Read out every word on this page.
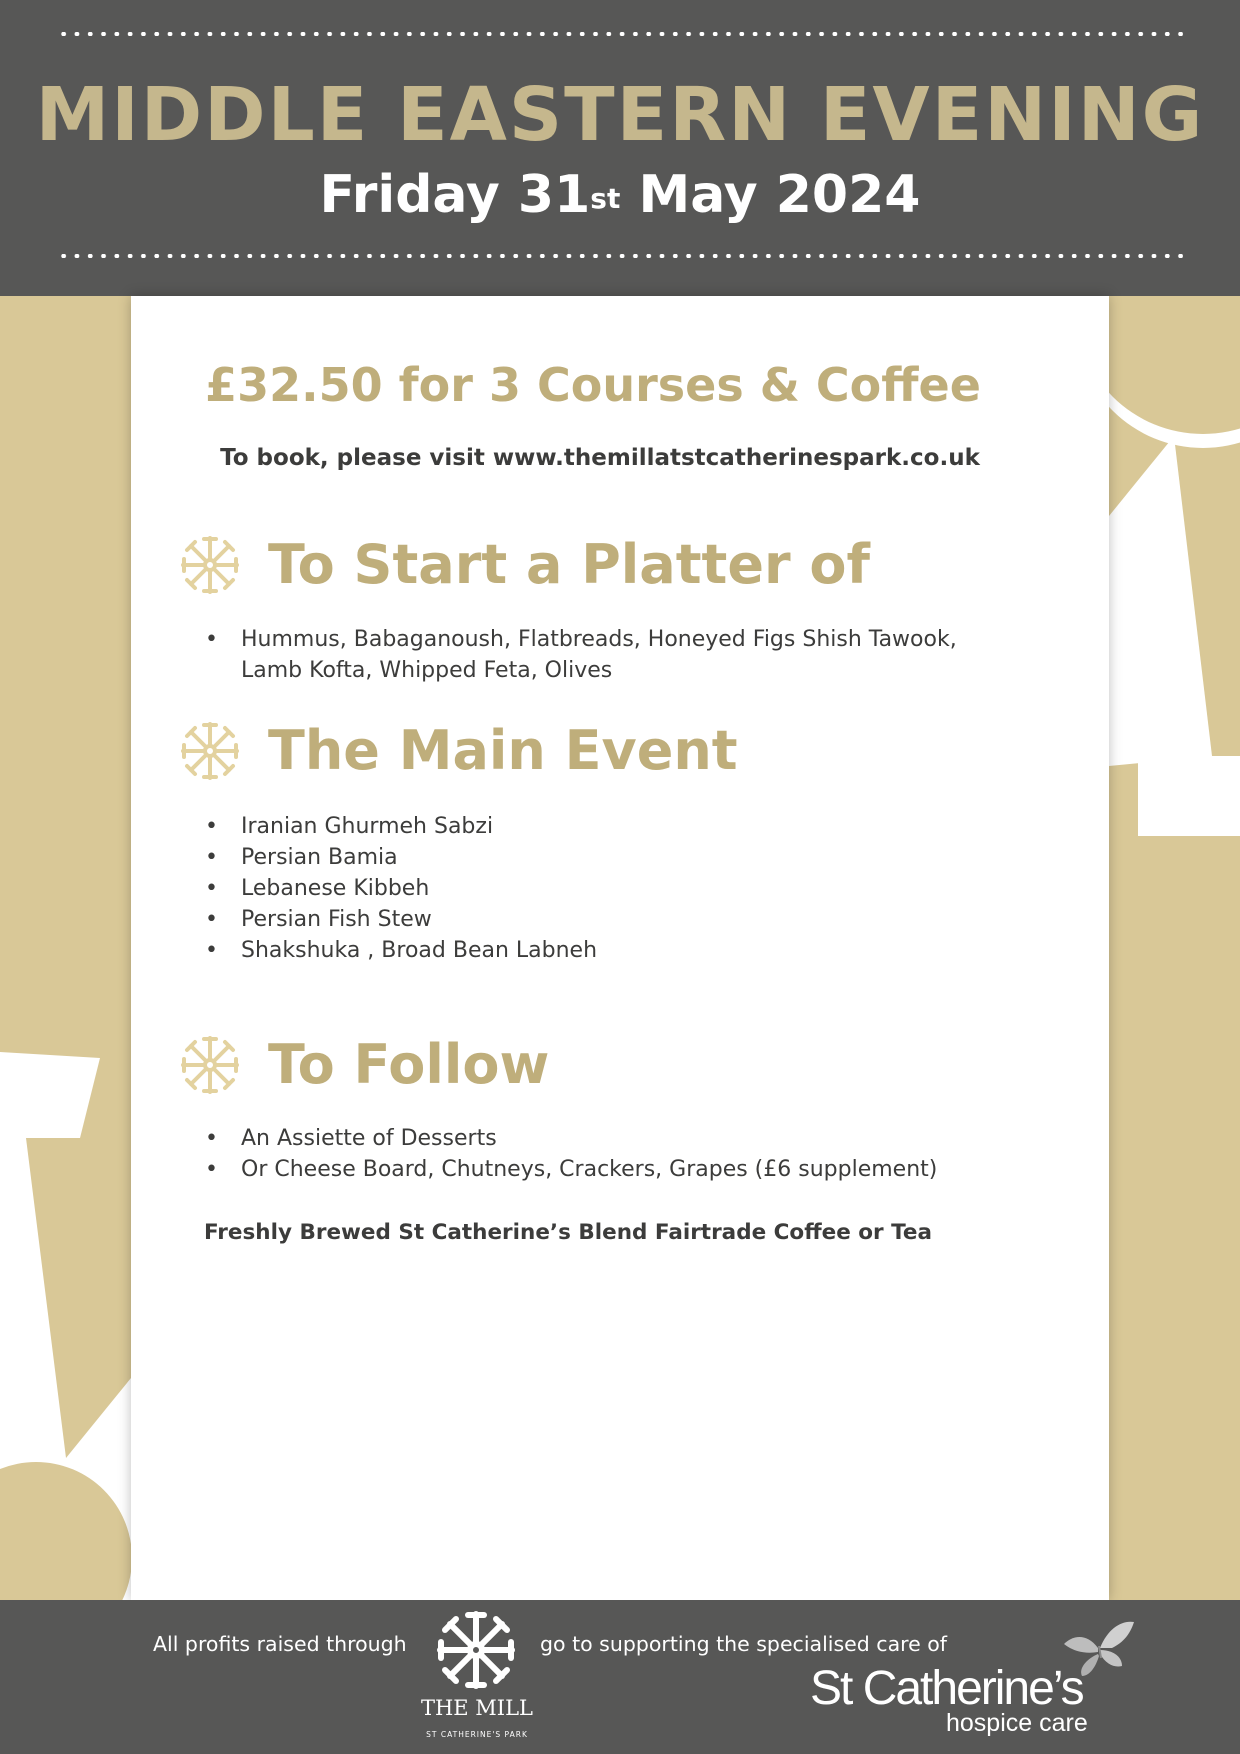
MIDDLE EASTERN EVENING
Friday 31st May 2024
£32.50 for 3 Courses & Coffee
To book, please visit www.themillatstcatherinespark.co.uk
To Start a Platter of
• Hummus, Babaganoush, Flatbreads, Honeyed Figs Shish Tawook,
Lamb Kofta, Whipped Feta, Olives
The Main Event
• Iranian Ghurmeh Sabzi
• Persian Bamia
• Lebanese Kibbeh
• Persian Fish Stew
• Shakshuka , Broad Bean Labneh
To Follow
• An Assiette of Desserts
• Or Cheese Board, Chutneys, Crackers, Grapes (£6 supplement)
Freshly Brewed St Catherine’s Blend Fairtrade Coffee or Tea
All profits raised through
THE MILL
ST CATHERINE'S PARK
go to supporting the specialised care of
St Catherine’s
hospice care
